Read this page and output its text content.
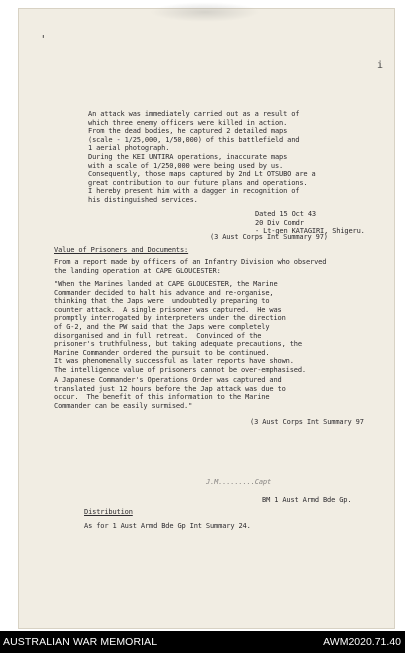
'
i
An attack was immediately carried out as a result of
which three enemy officers were killed in action.
From the dead bodies, he captured 2 detailed maps
(scale - 1/25,000, 1/50,000) of this battlefield and
1 aerial photograph.
During the KEI UNTIRA operations, inaccurate maps
with a scale of 1/250,000 were being used by us.
Consequently, those maps captured by 2nd Lt OTSUBO are a
great contribution to our future plans and operations.
I hereby present him with a dagger in recognition of
his distinguished services.
Dated 15 Oct 43
20 Div Comdr
- Lt-gen KATAGIRI, Shigeru.
(3 Aust Corps Int Summary 97)
Value of Prisoners and Documents:
From a report made by officers of an Infantry Division who observed
the landing operation at CAPE GLOUCESTER:
"When the Marines landed at CAPE GLOUCESTER, the Marine
Commander decided to halt his advance and re-organise,
thinking that the Japs were  undoubtedly preparing to
counter attack.  A single prisoner was captured.  He was
promptly interrogated by interpreters under the direction
of G-2, and the PW said that the Japs were completely
disorganised and in full retreat.  Convinced of the
prisoner's truthfulness, but taking adequate precautions, the
Marine Commander ordered the pursuit to be continued.
It was phenomenally successful as later reports have shown.
The intelligence value of prisoners cannot be over-emphasised.
A Japanese Commander's Operations Order was captured and
translated just 12 hours before the Jap attack was due to
occur.  The benefit of this information to the Marine
Commander can be easily surmised."
(3 Aust Corps Int Summary 97
J.M.........Capt
BM 1 Aust Armd Bde Gp.
Distribution
As for 1 Aust Armd Bde Gp Int Summary 24.
AUSTRALIAN WAR MEMORIAL	AWM2020.71.40
